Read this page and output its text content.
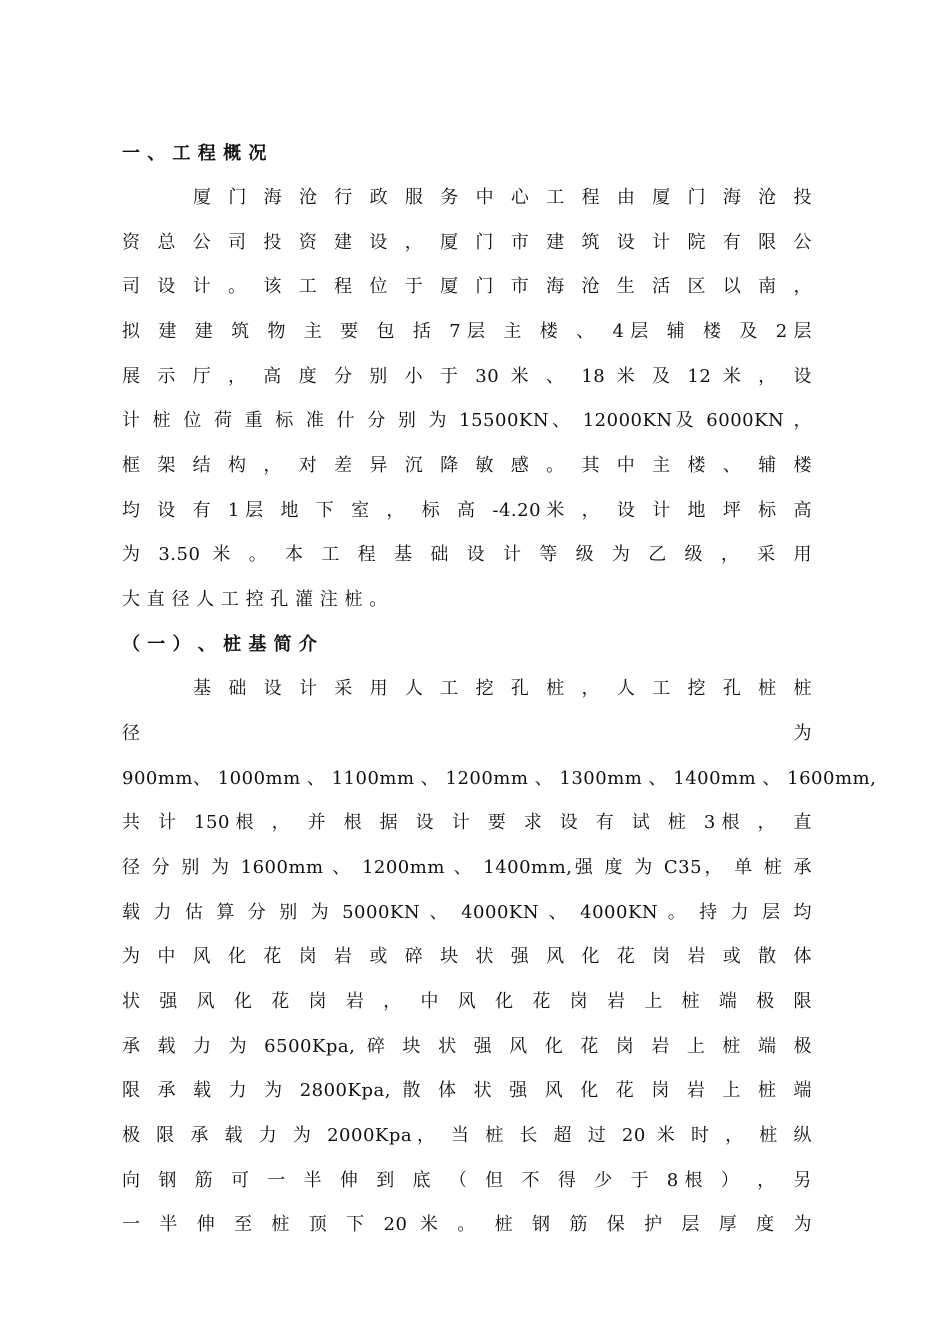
一 、 工 程 概 况
厦 门 海 沧 行 政 服 务 中 心 工 程 由 厦 门 海 沧 投
资 总 公 司 投 资 建 设 ， 厦 门 市 建 筑 设 计 院 有 限 公
司 设 计 。 该 工 程 位 于 厦 门 市 海 沧 生 活 区 以 南 ，
拟 建 建 筑 物 主 要 包 括 7层 主 楼 、 4层 辅 楼 及 2层
展 示 厅 ， 高 度 分 别 小 于 30 米 、 18 米 及 12 米 ， 设
计 桩 位 荷 重 标 准 什 分 别 为 15500KN、 12000KN及 6000KN ，
框 架 结 构 ， 对 差 异 沉 降 敏 感 。 其 中 主 楼 、 辅 楼
均 设 有 1层 地 下 室 ， 标 高 -4.20米 ， 设 计 地 坪 标 高
为 3.50 米 。 本 工 程 基 础 设 计 等 级 为 乙 级 ， 采 用
大 直 径 人 工 控 孔 灌 注 桩 。
（ 一 ） 、 桩 基 简 介
基 础 设 计 采 用 人 工 挖 孔 桩 ， 人 工 挖 孔 桩 桩
径 为
900mm、 1000mm 、 1100mm 、 1200mm 、 1300mm 、 1400mm 、 1600mm,
共 计 150根 ， 并 根 据 设 计 要 求 设 有 试 桩 3根 ， 直
径 分 别 为 1600mm 、 1200mm 、 1400mm,强 度 为 C35， 单 桩 承
载 力 估 算 分 别 为 5000KN 、 4000KN 、 4000KN 。 持 力 层 均
为 中 风 化 花 岗 岩 或 碎 块 状 强 风 化 花 岗 岩 或 散 体
状 强 风 化 花 岗 岩 ， 中 风 化 花 岗 岩 上 桩 端 极 限
承 载 力 为 6500Kpa, 碎 块 状 强 风 化 花 岗 岩 上 桩 端 极
限 承 载 力 为 2800Kpa, 散 体 状 强 风 化 花 岗 岩 上 桩 端
极 限 承 载 力 为 2000Kpa， 当 桩 长 超 过 20 米 时 ， 桩 纵
向 钢 筋 可 一 半 伸 到 底 （ 但 不 得 少 于 8根 ） ， 另
一 半 伸 至 桩 顶 下 20 米 。 桩 钢 筋 保 护 层 厚 度 为
